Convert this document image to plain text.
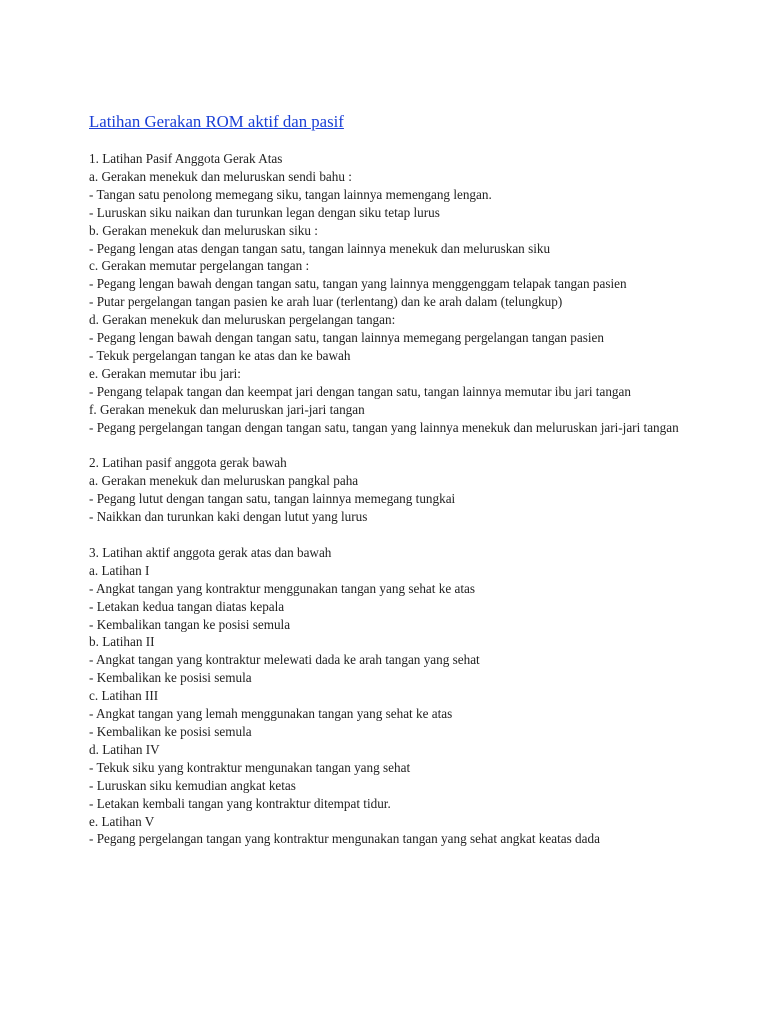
Latihan Gerakan ROM aktif dan pasif

1. Latihan Pasif Anggota Gerak Atas

a. Gerakan menekuk dan meluruskan sendi bahu :

- Tangan satu penolong memegang siku, tangan lainnya memengang lengan.

- Luruskan siku naikan dan turunkan legan dengan siku tetap lurus

b. Gerakan menekuk dan meluruskan siku :

- Pegang lengan atas dengan tangan satu, tangan lainnya menekuk dan meluruskan siku

c. Gerakan memutar pergelangan tangan :

- Pegang lengan bawah dengan tangan satu, tangan yang lainnya menggenggam telapak tangan pasien

- Putar pergelangan tangan pasien ke arah luar (terlentang) dan ke arah dalam (telungkup)

d. Gerakan menekuk dan meluruskan pergelangan tangan:

- Pegang lengan bawah dengan tangan satu, tangan lainnya memegang pergelangan tangan pasien

- Tekuk pergelangan tangan ke atas dan ke bawah

e. Gerakan memutar ibu jari:

- Pengang telapak tangan dan keempat jari dengan tangan satu, tangan lainnya memutar ibu jari tangan

f. Gerakan menekuk dan meluruskan jari-jari tangan

- Pegang pergelangan tangan dengan tangan satu, tangan yang lainnya menekuk dan meluruskan jari-jari tangan

2. Latihan pasif anggota gerak bawah

a. Gerakan menekuk dan meluruskan pangkal paha

- Pegang lutut dengan tangan satu, tangan lainnya memegang tungkai

- Naikkan dan turunkan kaki dengan lutut yang lurus

3. Latihan aktif anggota gerak atas dan bawah

a. Latihan I

- Angkat tangan yang kontraktur menggunakan tangan yang sehat ke atas

- Letakan kedua tangan diatas kepala

- Kembalikan tangan ke posisi semula

b. Latihan II

- Angkat tangan yang kontraktur melewati dada ke arah tangan yang sehat

- Kembalikan ke posisi semula

c. Latihan III

- Angkat tangan yang lemah menggunakan tangan yang sehat ke atas

- Kembalikan ke posisi semula

d. Latihan IV

- Tekuk siku yang kontraktur mengunakan tangan yang sehat

- Luruskan siku kemudian angkat ketas

- Letakan kembali tangan yang kontraktur ditempat tidur.

e. Latihan V

- Pegang pergelangan tangan yang kontraktur mengunakan tangan yang sehat angkat keatas dada
